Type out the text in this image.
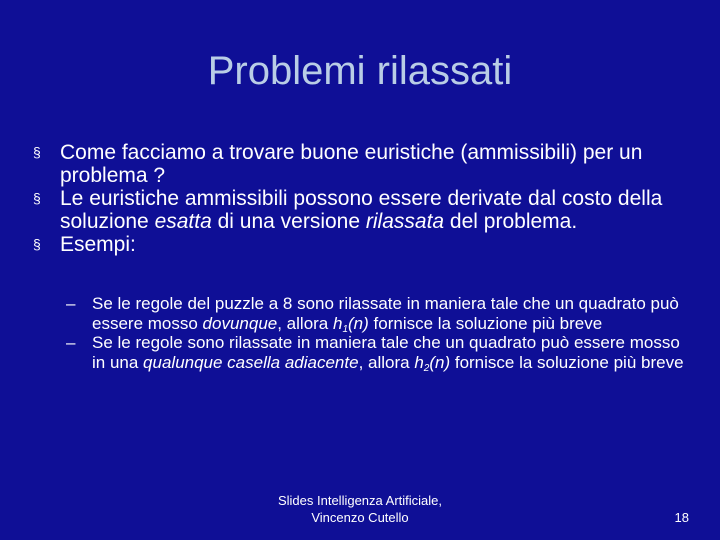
Problemi rilassati

§ Come facciamo a trovare buone euristiche (ammissibili) per un problema ?

§ Le euristiche ammissibili possono essere derivate dal costo della soluzione esatta di una versione rilassata del problema.

§ Esempi:

– Se le regole del puzzle a 8 sono rilassate in maniera tale che un quadrato può essere mosso dovunque, allora $h_1(n)$ fornisce la soluzione più breve

– Se le regole sono rilassate in maniera tale che un quadrato può essere mosso in una qualunque casella adiacente, allora $h_2(n)$ fornisce la soluzione più breve

Slides Intelligenza Artificiale,
Vincenzo Cutello	18
